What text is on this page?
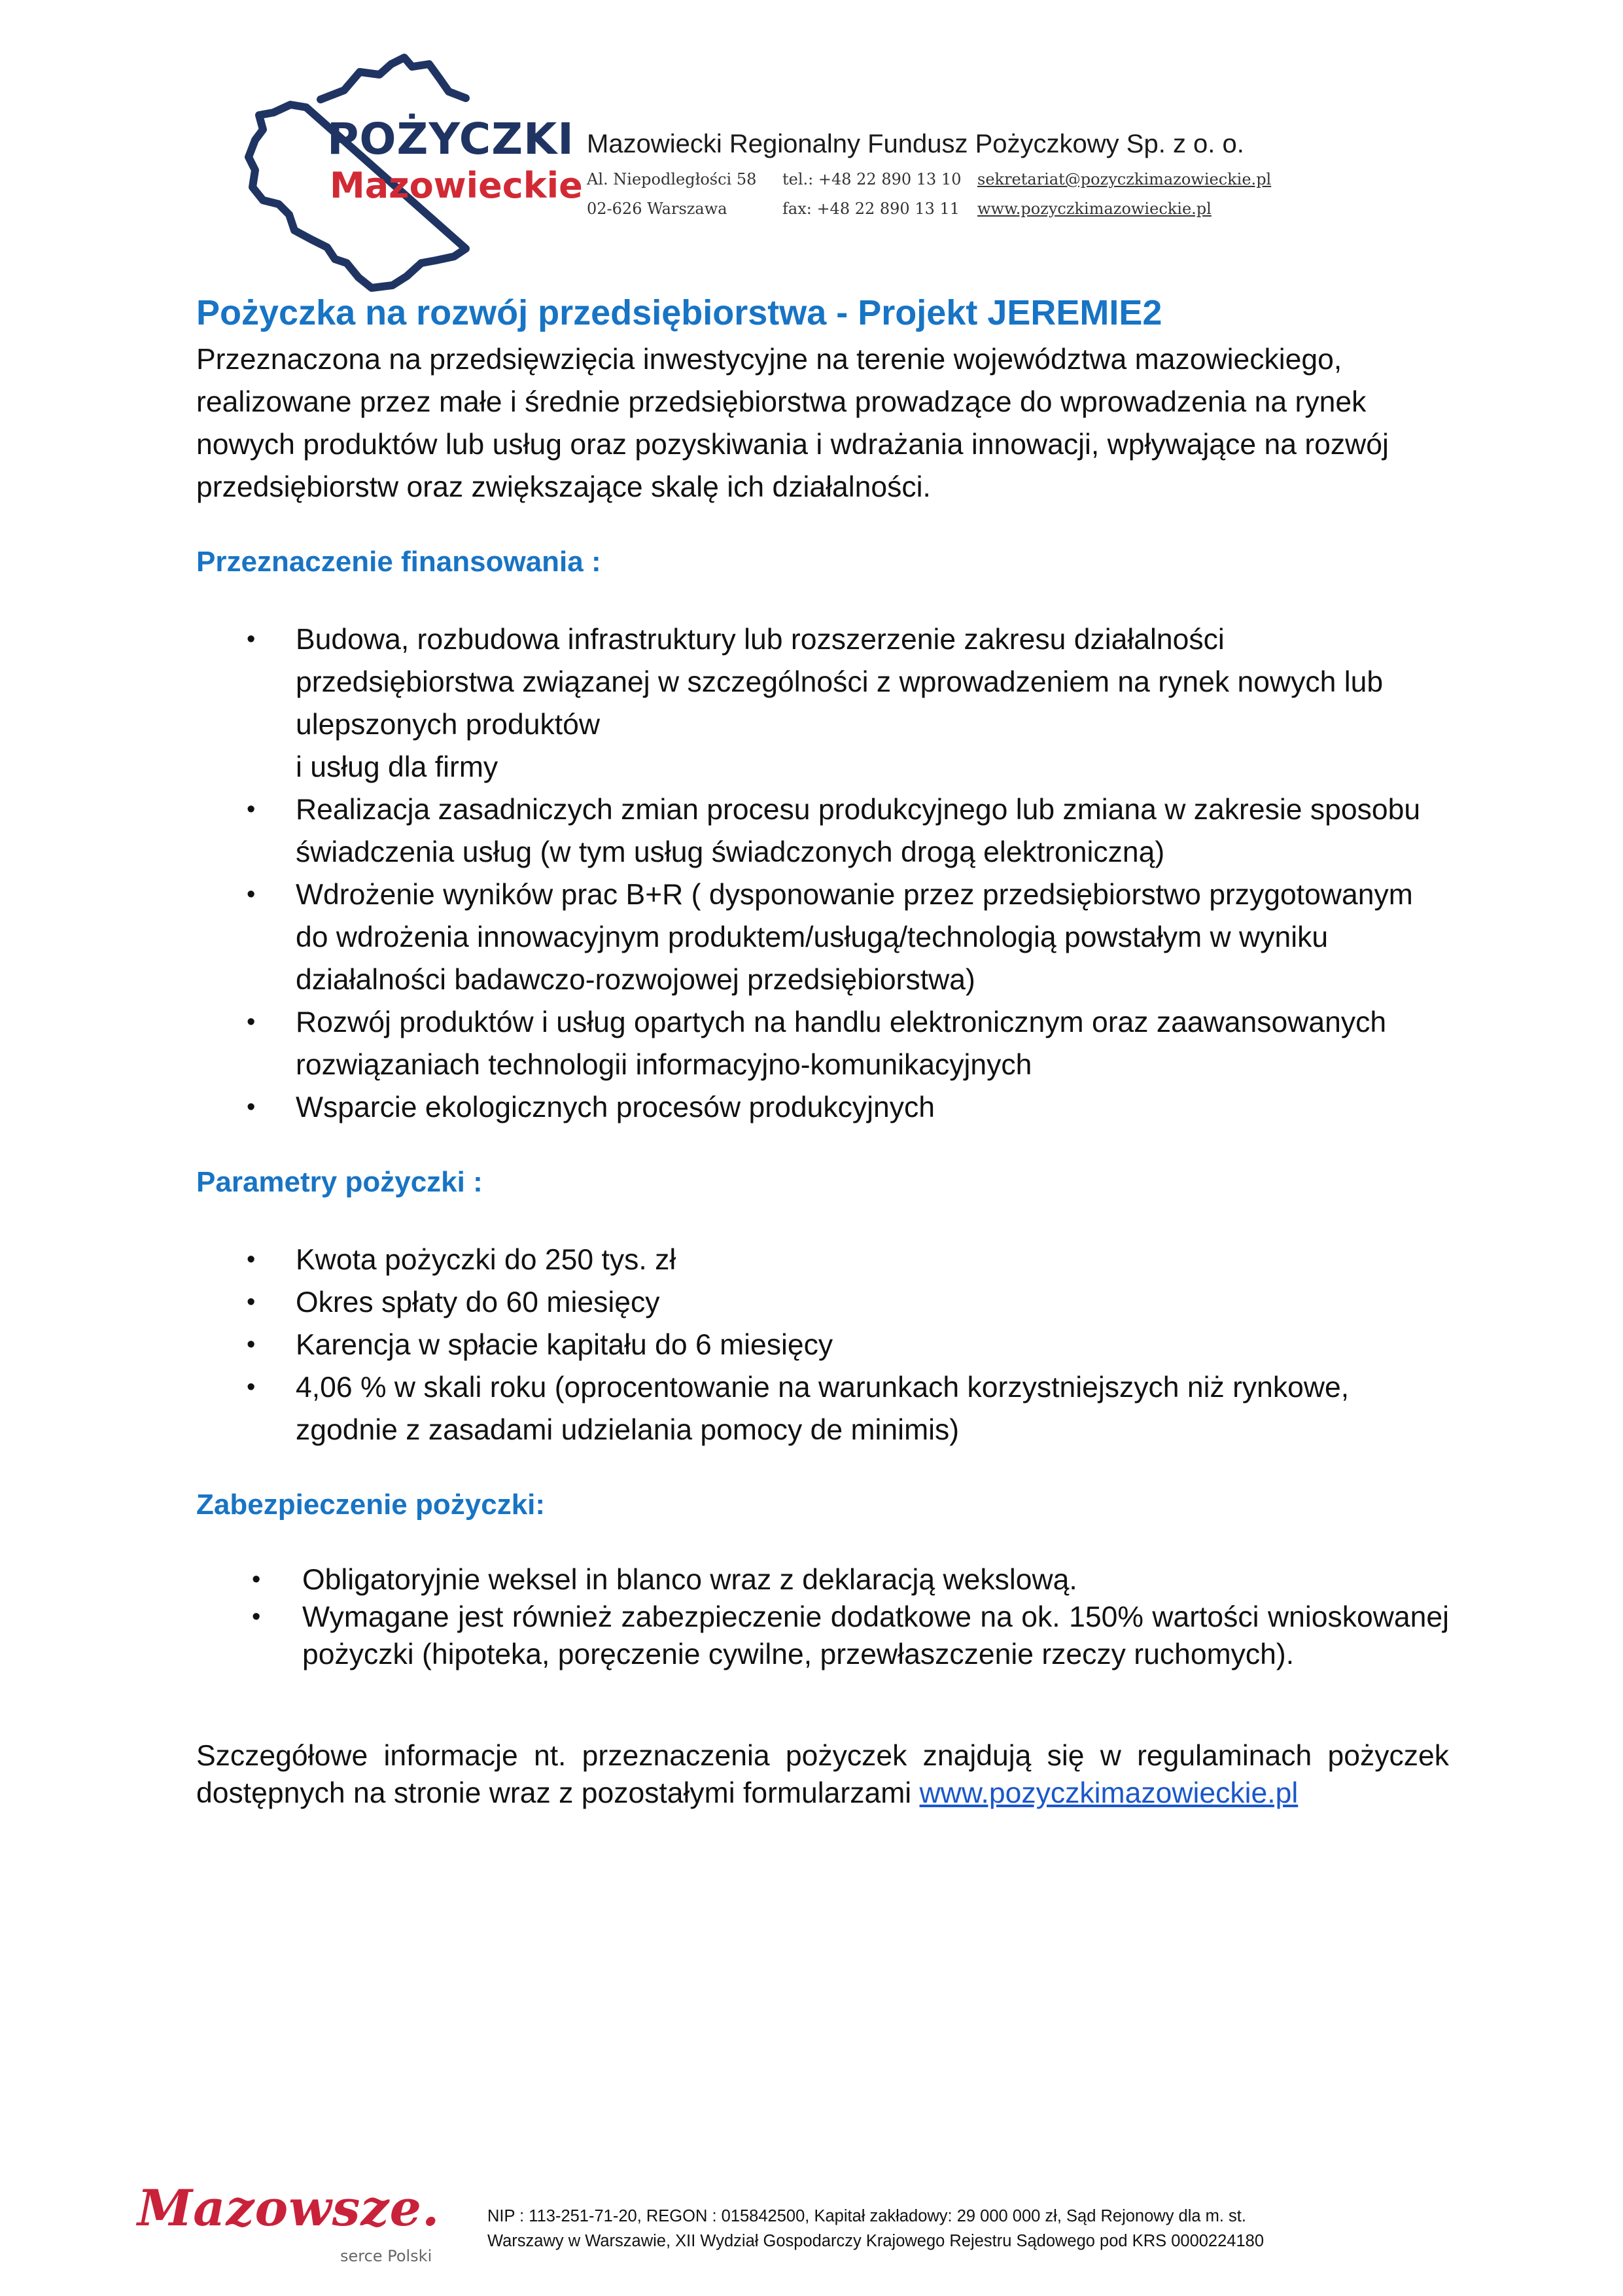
POŻYCZKI
Mazowieckie
Mazowiecki Regionalny Fundusz Pożyczkowy Sp. z o. o.
Al. Niepodległości 58
02-626 Warszawa
tel.: +48 22 890 13 10
fax: +48 22 890 13 11
sekretariat@pozyczkimazowieckie.pl
www.pozyczkimazowieckie.pl
Pożyczka na rozwój przedsiębiorstwa - Projekt JEREMIE2

Przeznaczona na przedsięwzięcia inwestycyjne na terenie województwa mazowieckiego, realizowane przez małe i średnie przedsiębiorstwa prowadzące do wprowadzenia na rynek nowych produktów lub usług oraz pozyskiwania i wdrażania innowacji, wpływające na rozwój przedsiębiorstw oraz zwiększające skalę ich działalności.

Przeznaczenie finansowania :
• Budowa, rozbudowa infrastruktury lub rozszerzenie zakresu działalności przedsiębiorstwa związanej w szczególności z wprowadzeniem na rynek nowych lub ulepszonych produktów
i usług dla firmy
• Realizacja zasadniczych zmian procesu produkcyjnego lub zmiana w zakresie sposobu świadczenia usług (w tym usług świadczonych drogą elektroniczną)
• Wdrożenie wyników prac B+R ( dysponowanie przez przedsiębiorstwo przygotowanym do wdrożenia innowacyjnym produktem/usługą/technologią powstałym w wyniku działalności badawczo-rozwojowej przedsiębiorstwa)
• Rozwój produktów i usług opartych na handlu elektronicznym oraz zaawansowanych rozwiązaniach technologii informacyjno-komunikacyjnych
• Wsparcie ekologicznych procesów produkcyjnych
Parametry pożyczki :
• Kwota pożyczki do 250 tys. zł
• Okres spłaty do 60 miesięcy
• Karencja w spłacie kapitału do 6 miesięcy
• 4,06 % w skali roku (oprocentowanie na warunkach korzystniejszych niż rynkowe, zgodnie z zasadami udzielania pomocy de minimis)
Zabezpieczenie pożyczki:
• Obligatoryjnie weksel in blanco wraz z deklaracją wekslową.
• Wymagane jest również zabezpieczenie dodatkowe na ok. 150% wartości wnioskowanej pożyczki (hipoteka, poręczenie cywilne, przewłaszczenie rzeczy ruchomych).

Szczegółowe informacje nt. przeznaczenia pożyczek znajdują się w regulaminach pożyczek dostępnych na stronie wraz z pozostałymi formularzami www.pozyczkimazowieckie.pl

Mazowsze.
serce Polski
NIP : 113-251-71-20, REGON : 015842500, Kapitał zakładowy: 29 000 000 zł, Sąd Rejonowy dla m. st.
Warszawy w Warszawie, XII Wydział Gospodarczy Krajowego Rejestru Sądowego pod KRS 0000224180
